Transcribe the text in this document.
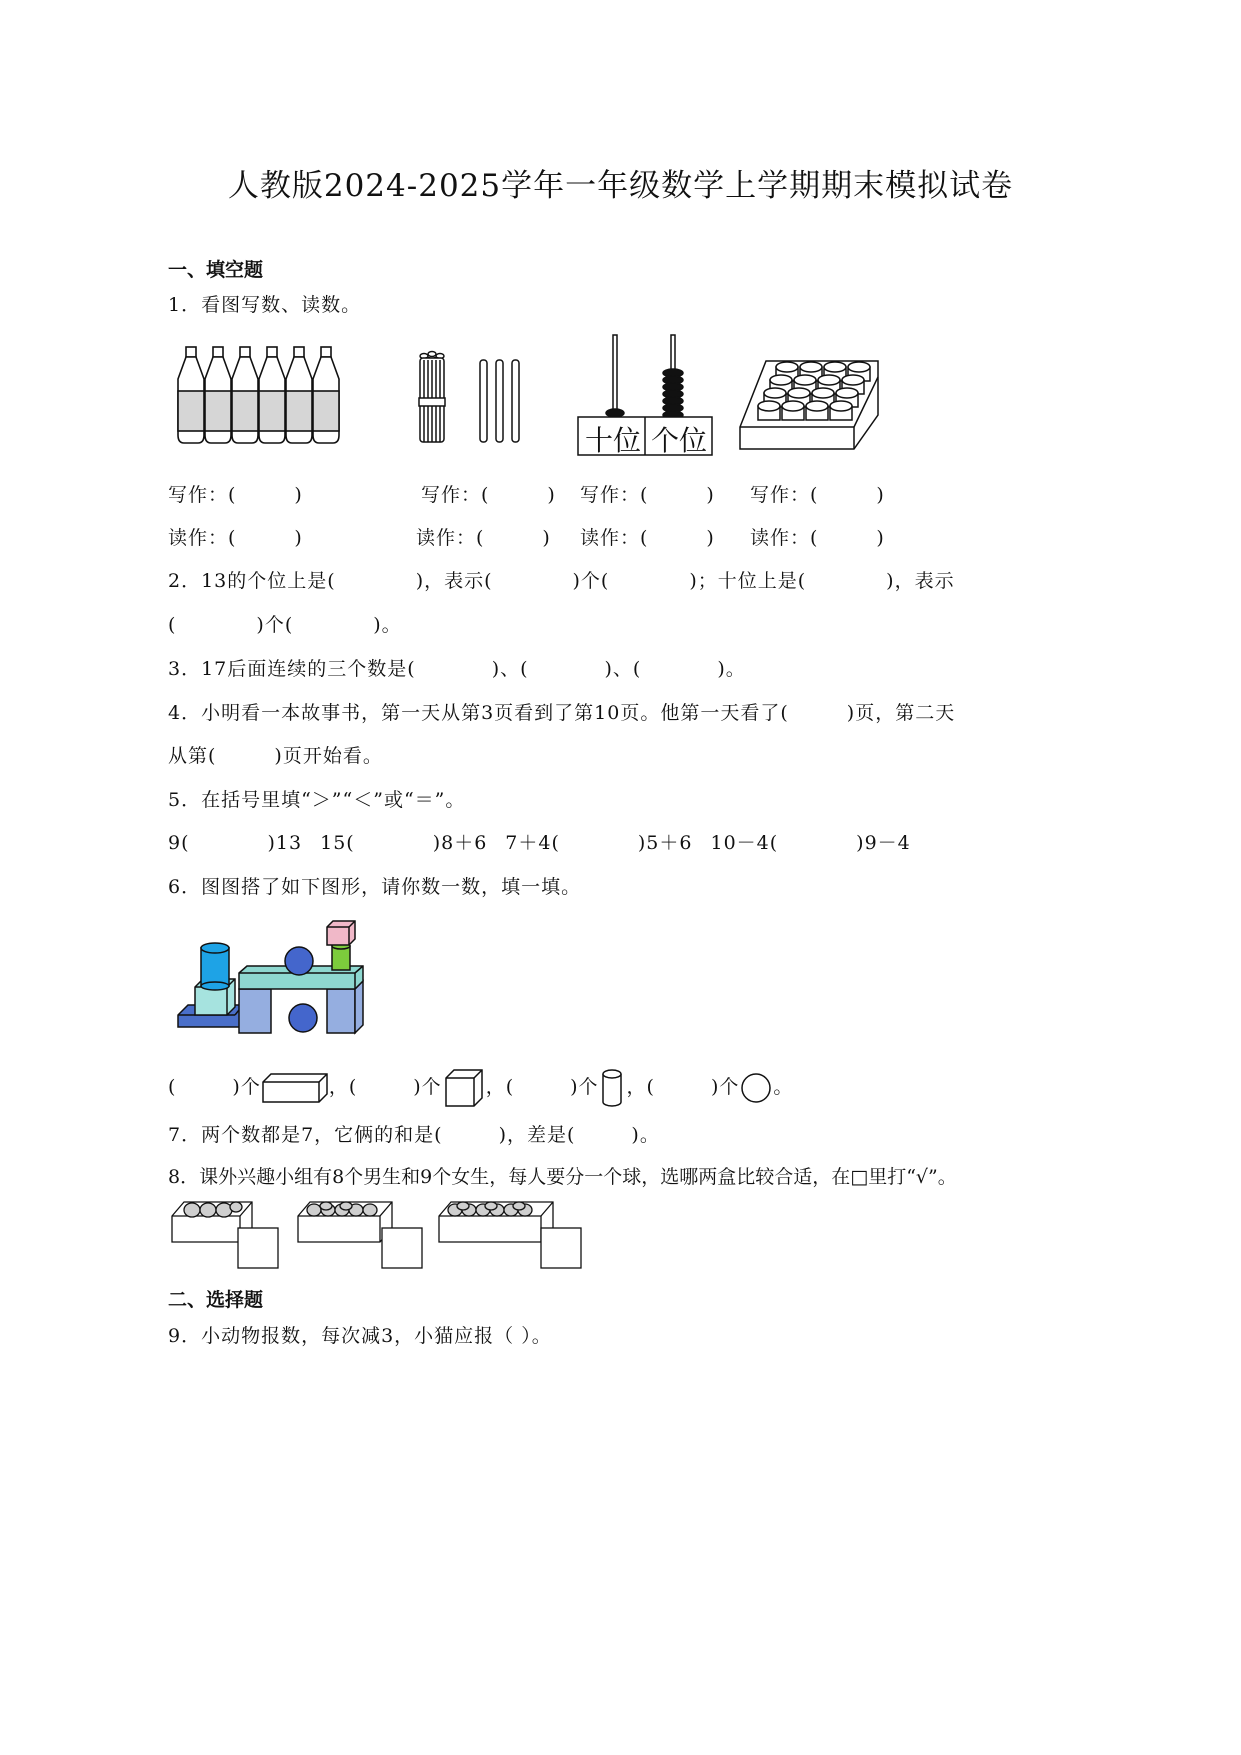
人教版2024-2025学年一年级数学上学期期末模拟试卷
一、填空题
1．看图写数、读数。
十位 个位
写作：(	)	写作：(	) 写作：(	) 写作：(	)
读作：(	)	读作：(	) 读作：(	) 读作：(	)
2．13的个位上是(	)，表示(	)个(	)；十位上是(	)，表示
(	)个(	)。
3．17后面连续的三个数是(	)、(	)、(	)。
4．小明看一本故事书，第一天从第3页看到了第10页。他第一天看了(	)页，第二天
从第(	)页开始看。
5．在括号里填“＞”“＜”或“＝”。
9(	)13 15(	)8＋6 7＋4(	)5＋6 10－4(	)9－4
6．图图搭了如下图形，请你数一数，填一填。
(	)个	，(	)个 ，(	)个 ，(	)个 。
7．两个数都是7，它俩的和是(	)，差是(	)。
8．课外兴趣小组有8个男生和9个女生，每人要分一个球，选哪两盒比较合适，在□里打“√”。
二、选择题
9．小动物报数，每次减3，小猫应报（ ）。
